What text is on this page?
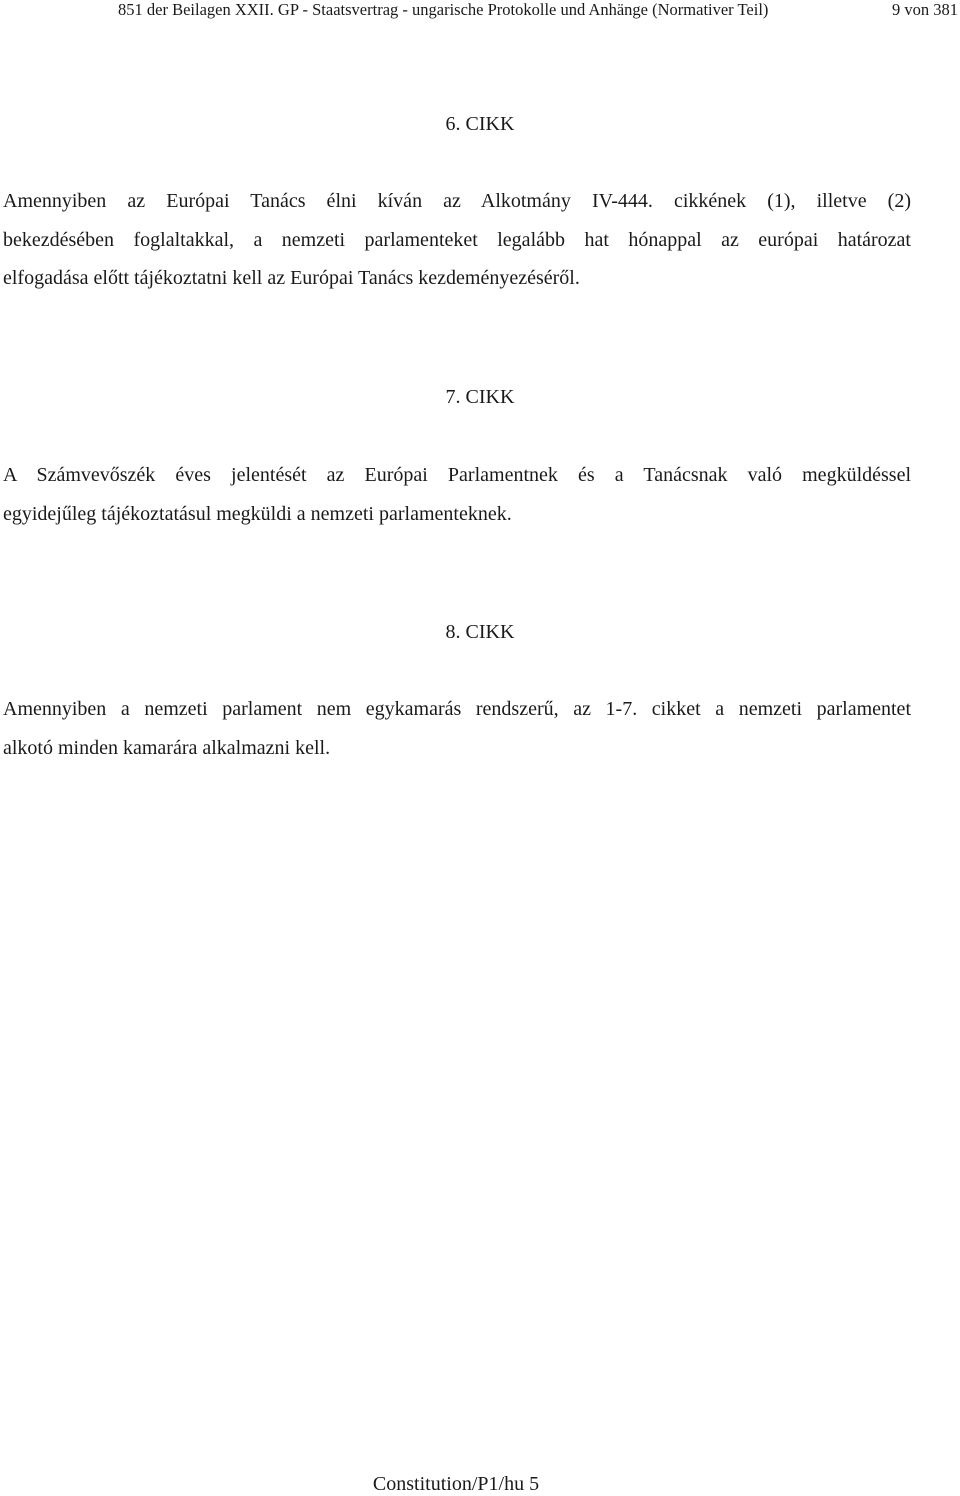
851 der Beilagen XXII. GP - Staatsvertrag - ungarische Protokolle und Anhänge (Normativer Teil)	9 von 381
6. CIKK
Amennyiben az Európai Tanács élni kíván az Alkotmány IV-444. cikkének (1), illetve (2)
bekezdésében foglaltakkal, a nemzeti parlamenteket legalább hat hónappal az európai határozat
elfogadása előtt tájékoztatni kell az Európai Tanács kezdeményezéséről.
7. CIKK
A Számvevőszék éves jelentését az Európai Parlamentnek és a Tanácsnak való megküldéssel
egyidejűleg tájékoztatásul megküldi a nemzeti parlamenteknek.
8. CIKK
Amennyiben a nemzeti parlament nem egykamarás rendszerű, az 1-7. cikket a nemzeti parlamentet
alkotó minden kamarára alkalmazni kell.
Constitution/P1/hu 5
